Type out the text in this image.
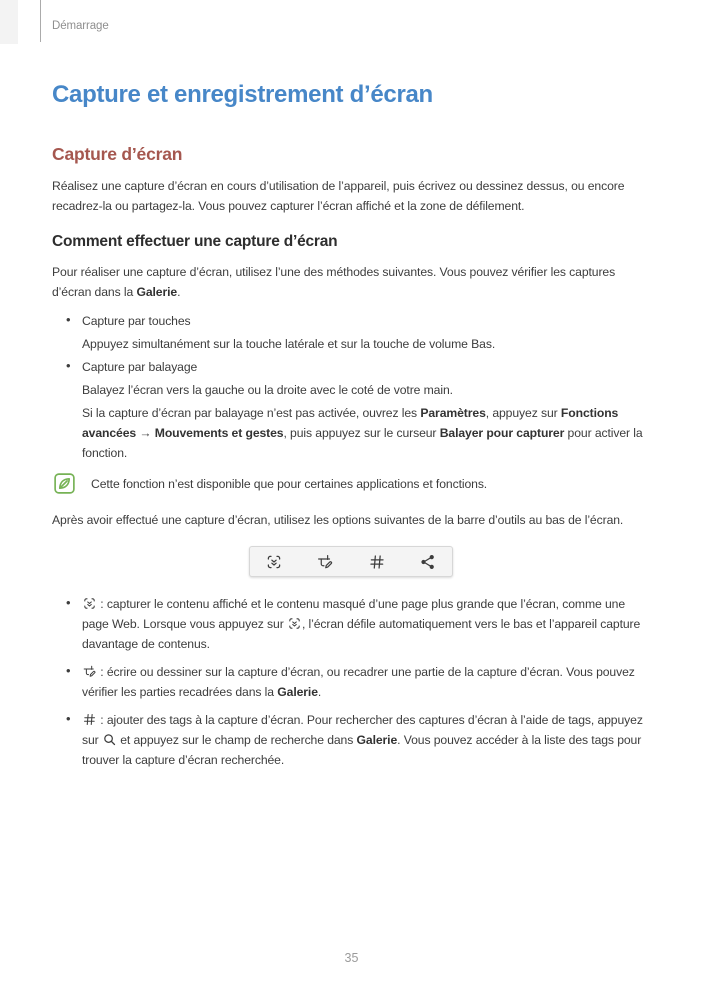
Démarrage
Capture et enregistrement d’écran
Capture d’écran

Réalisez une capture d’écran en cours d’utilisation de l’appareil, puis écrivez ou dessinez dessus, ou encore recadrez-la ou partagez-la. Vous pouvez capturer l’écran affiché et la zone de défilement.

Comment effectuer une capture d’écran

Pour réaliser une capture d’écran, utilisez l’une des méthodes suivantes. Vous pouvez vérifier les captures d’écran dans la Galerie.

• Capture par touches

Appuyez simultanément sur la touche latérale et sur la touche de volume Bas.

• Capture par balayage

Balayez l’écran vers la gauche ou la droite avec le coté de votre main.

Si la capture d’écran par balayage n’est pas activée, ouvrez les Paramètres, appuyez sur Fonctions avancées → Mouvements et gestes, puis appuyez sur le curseur Balayer pour capturer pour activer la fonction.

Cette fonction n’est disponible que pour certaines applications et fonctions.

Après avoir effectué une capture d’écran, utilisez les options suivantes de la barre d’outils au bas de l’écran.

• : capturer le contenu affiché et le contenu masqué d’une page plus grande que l’écran, comme une page Web. Lorsque vous appuyez sur , l’écran défile automatiquement vers le bas et l’appareil capture davantage de contenus.
• : écrire ou dessiner sur la capture d’écran, ou recadrer une partie de la capture d’écran. Vous pouvez vérifier les parties recadrées dans la Galerie.
• : ajouter des tags à la capture d’écran. Pour rechercher des captures d’écran à l’aide de tags, appuyez sur  et appuyez sur le champ de recherche dans Galerie. Vous pouvez accéder à la liste des tags pour trouver la capture d’écran recherchée.
35
